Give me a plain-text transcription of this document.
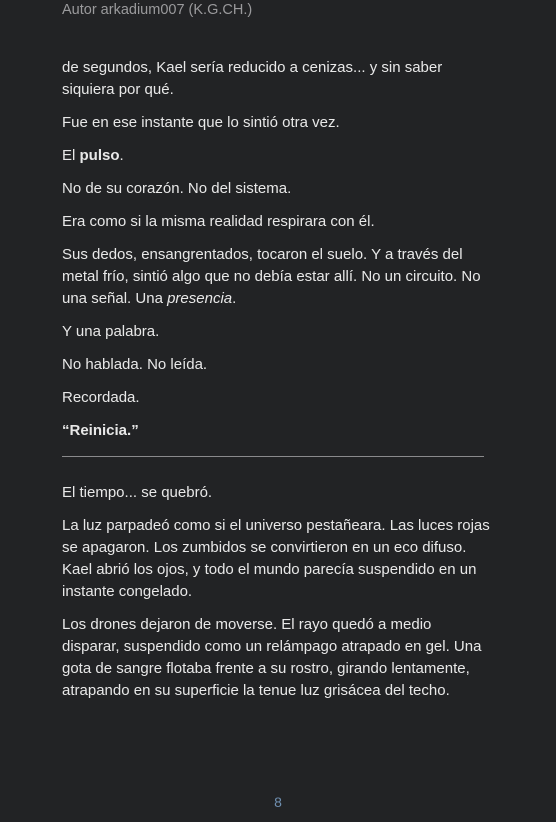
Autor arkadium007 (K.G.CH.)

de segundos, Kael sería reducido a cenizas... y sin saber siquiera por qué.

Fue en ese instante que lo sintió otra vez.

El pulso.

No de su corazón. No del sistema.

Era como si la misma realidad respirara con él.

Sus dedos, ensangrentados, tocaron el suelo. Y a través del metal frío, sintió algo que no debía estar allí. No un circuito. No una señal. Una presencia.

Y una palabra.

No hablada. No leída.

Recordada.

“Reinicia.”

El tiempo... se quebró.

La luz parpadeó como si el universo pestañeara. Las luces rojas se apagaron. Los zumbidos se convirtieron en un eco difuso. Kael abrió los ojos, y todo el mundo parecía suspendido en un instante congelado.

Los drones dejaron de moverse. El rayo quedó a medio disparar, suspendido como un relámpago atrapado en gel. Una gota de sangre flotaba frente a su rostro, girando lentamente, atrapando en su superficie la tenue luz grisácea del techo.

8
